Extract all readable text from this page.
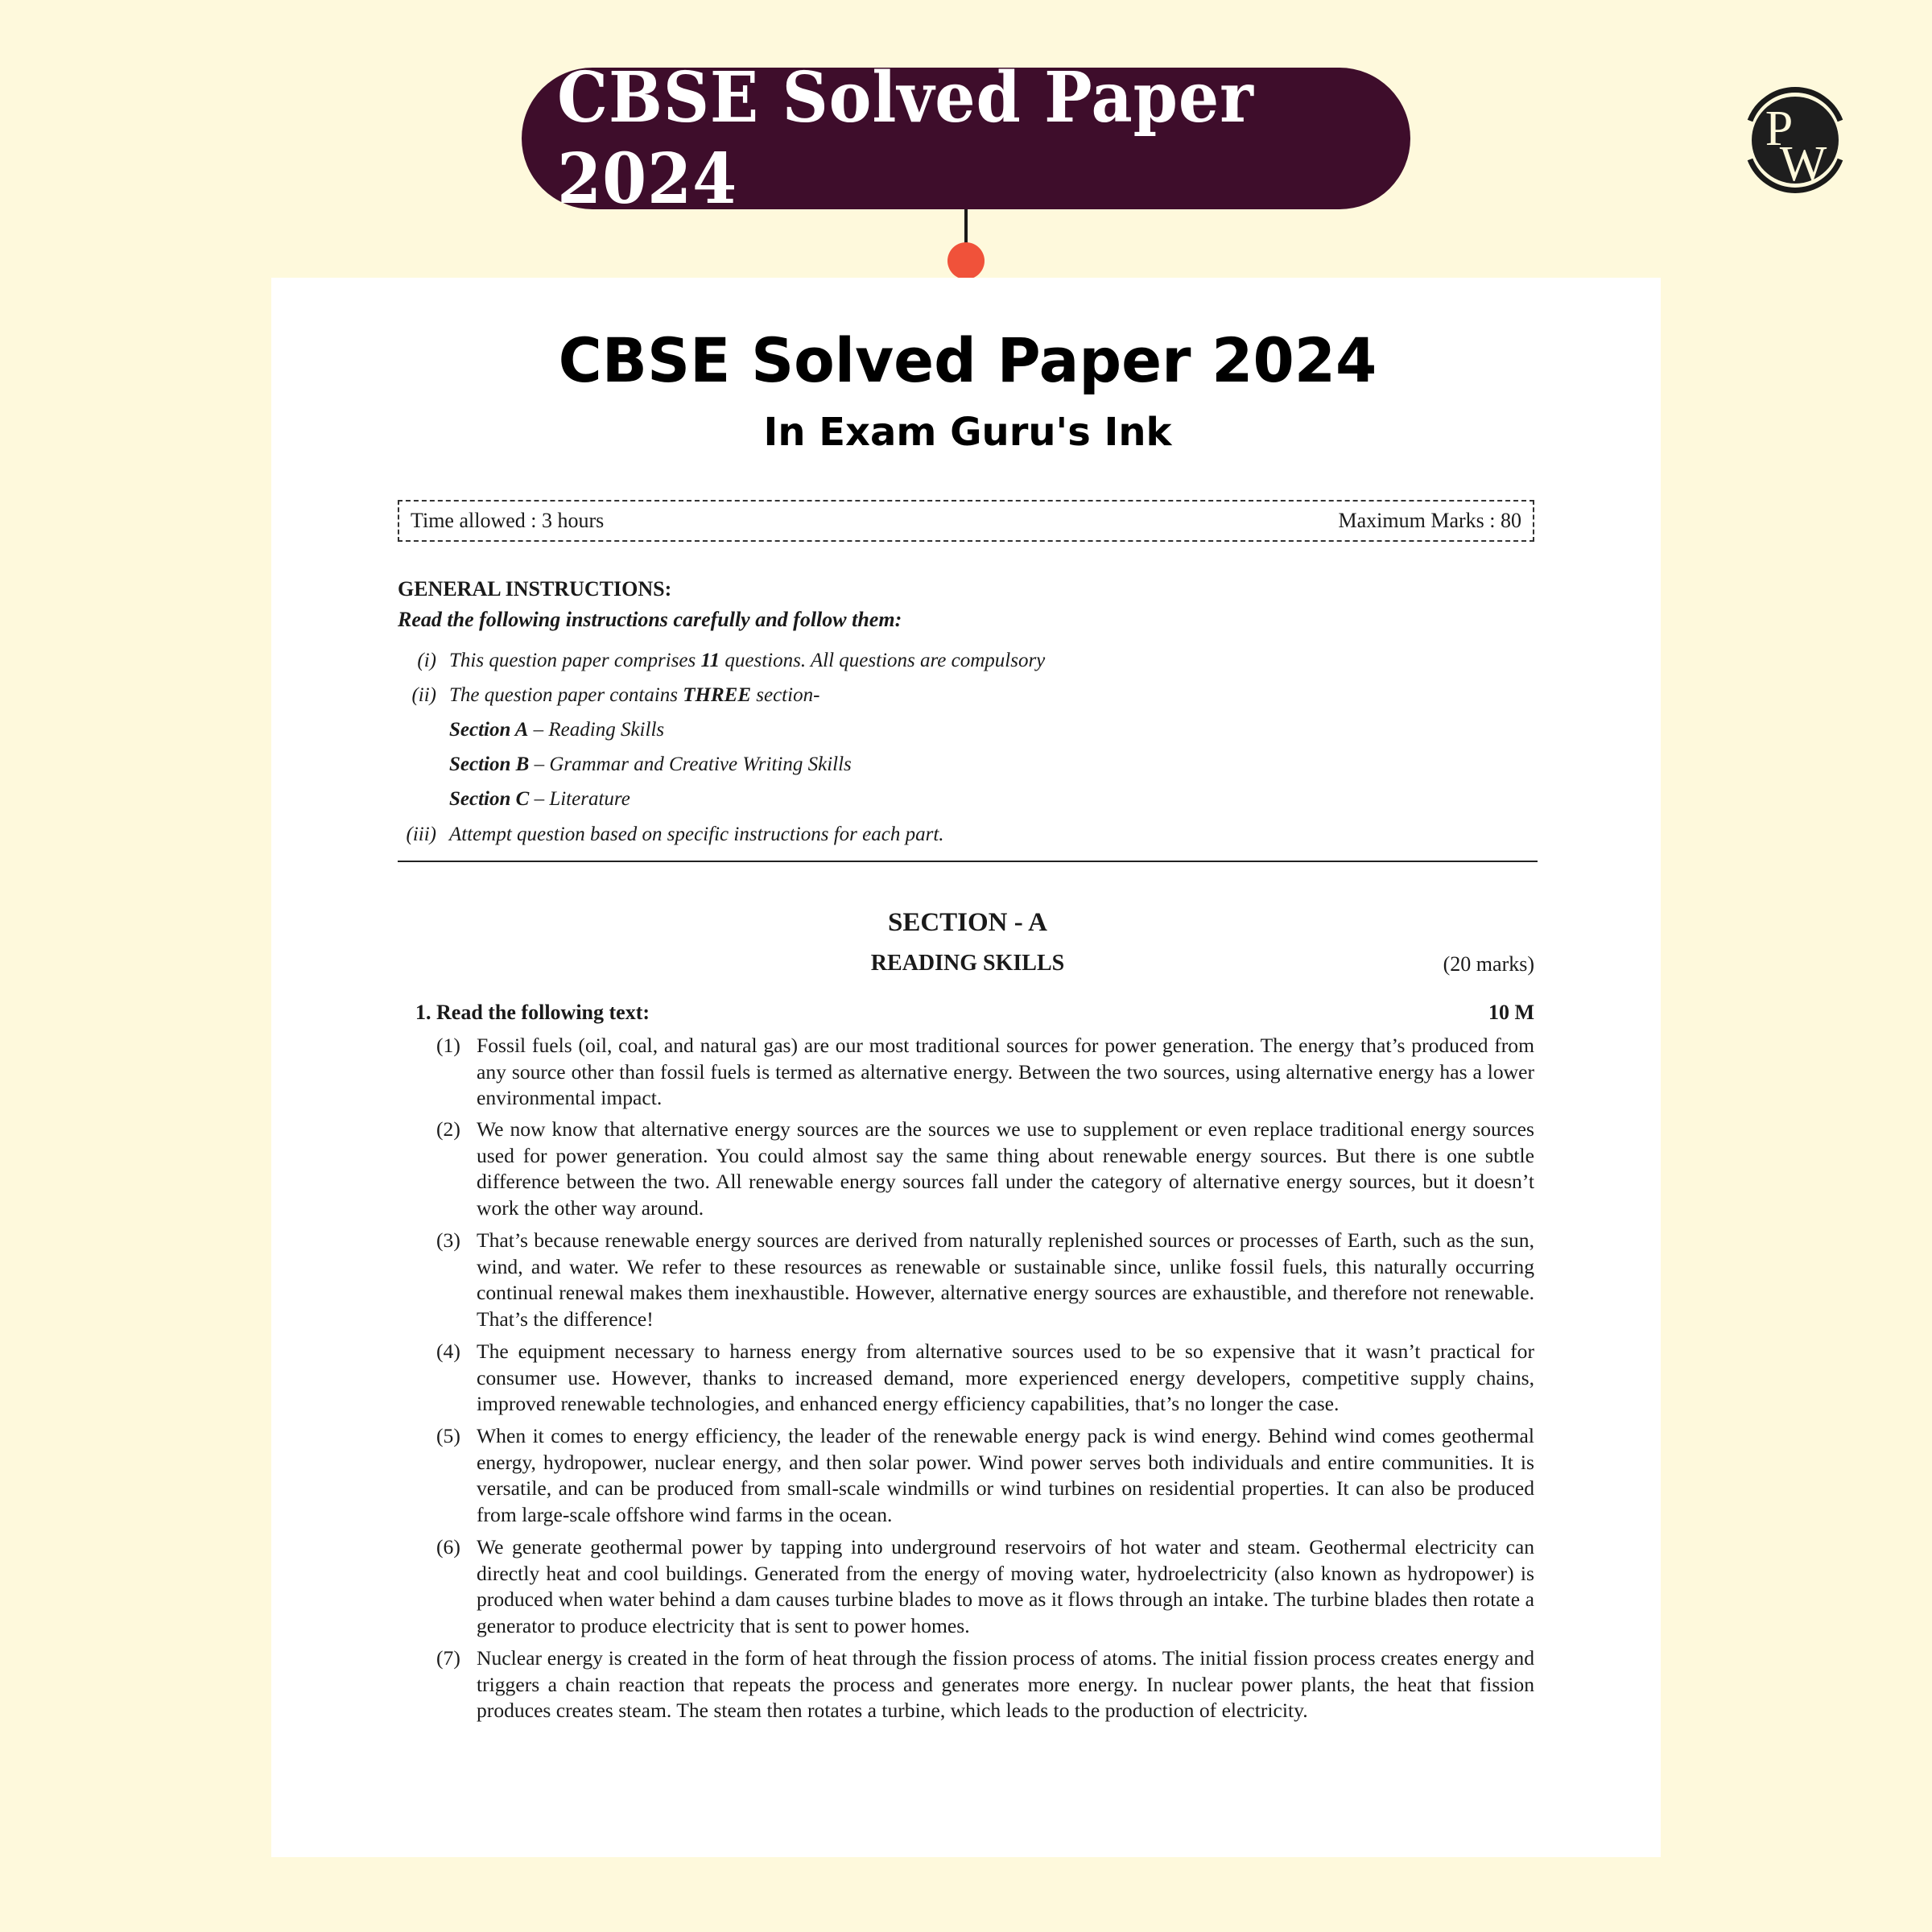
CBSE Solved Paper 2024
P
W
CBSE Solved Paper 2024
In Exam Guru's Ink
Time allowed : 3 hours	Maximum Marks : 80
GENERAL INSTRUCTIONS:
Read the following instructions carefully and follow them:
(i) This question paper comprises 11 questions. All questions are compulsory
(ii) The question paper contains THREE section-
Section A – Reading Skills
Section B – Grammar and Creative Writing Skills
Section C – Literature
(iii) Attempt question based on specific instructions for each part.
SECTION - A
READING SKILLS	(20 marks)
1. Read the following text:	10 M
(1) Fossil fuels (oil, coal, and natural gas) are our most traditional sources for power generation. The energy that’s produced from any source other than fossil fuels is termed as alternative energy. Between the two sources, using alternative energy has a lower environmental impact.
(2) We now know that alternative energy sources are the sources we use to supplement or even replace traditional energy sources used for power generation. You could almost say the same thing about renewable energy sources. But there is one subtle difference between the two. All renewable energy sources fall under the category of alternative energy sources, but it doesn’t work the other way around.
(3) That’s because renewable energy sources are derived from naturally replenished sources or processes of Earth, such as the sun, wind, and water. We refer to these resources as renewable or sustainable since, unlike fossil fuels, this naturally occurring continual renewal makes them inexhaustible. However, alternative energy sources are exhaustible, and therefore not renewable. That’s the difference!
(4) The equipment necessary to harness energy from alternative sources used to be so expensive that it wasn’t practical for consumer use. However, thanks to increased demand, more experienced energy developers, competitive supply chains, improved renewable technologies, and enhanced energy efficiency capabilities, that’s no longer the case.
(5) When it comes to energy efficiency, the leader of the renewable energy pack is wind energy. Behind wind comes geothermal energy, hydropower, nuclear energy, and then solar power. Wind power serves both individuals and entire communities. It is versatile, and can be produced from small-scale windmills or wind turbines on residential properties. It can also be produced from large-scale offshore wind farms in the ocean.
(6) We generate geothermal power by tapping into underground reservoirs of hot water and steam. Geothermal electricity can directly heat and cool buildings. Generated from the energy of moving water, hydroelectricity (also known as hydropower) is produced when water behind a dam causes turbine blades to move as it flows through an intake. The turbine blades then rotate a generator to produce electricity that is sent to power homes.
(7) Nuclear energy is created in the form of heat through the fission process of atoms. The initial fission process creates energy and triggers a chain reaction that repeats the process and generates more energy. In nuclear power plants, the heat that fission produces creates steam. The steam then rotates a turbine, which leads to the production of electricity.
